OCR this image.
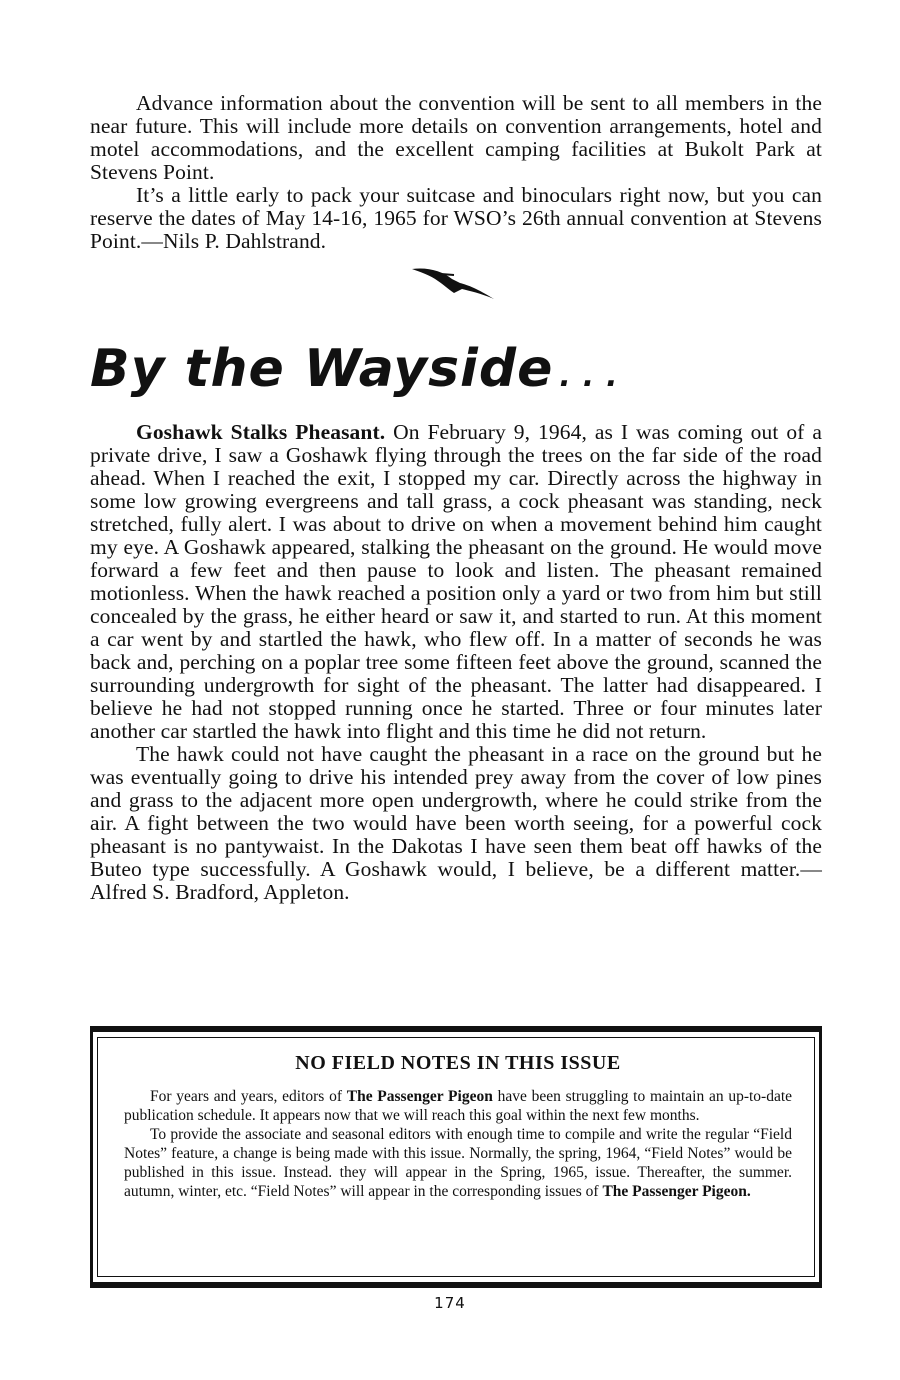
Advance information about the convention will be sent to all members in the near future. This will include more details on convention arrangements, hotel and motel accommodations, and the excellent camping facilities at Bukolt Park at Stevens Point.

It’s a little early to pack your suitcase and binoculars right now, but you can reserve the dates of May 14-16, 1965 for WSO’s 26th annual convention at Stevens Point.—Nils P. Dahlstrand.

By the Wayside ...

Goshawk Stalks Pheasant. On February 9, 1964, as I was coming out of a private drive, I saw a Goshawk flying through the trees on the far side of the road ahead. When I reached the exit, I stopped my car. Directly across the highway in some low growing evergreens and tall grass, a cock pheasant was standing, neck stretched, fully alert. I was about to drive on when a movement behind him caught my eye. A Goshawk appeared, stalking the pheasant on the ground. He would move forward a few feet and then pause to look and listen. The pheasant remained motionless. When the hawk reached a position only a yard or two from him but still concealed by the grass, he either heard or saw it, and started to run. At this moment a car went by and startled the hawk, who flew off. In a matter of seconds he was back and, perching on a poplar tree some fifteen feet above the ground, scanned the surrounding undergrowth for sight of the pheasant. The latter had disappeared. I believe he had not stopped running once he started. Three or four minutes later another car startled the hawk into flight and this time he did not return.

The hawk could not have caught the pheasant in a race on the ground but he was eventually going to drive his intended prey away from the cover of low pines and grass to the adjacent more open undergrowth, where he could strike from the air. A fight between the two would have been worth seeing, for a powerful cock pheasant is no pantywaist. In the Dakotas I have seen them beat off hawks of the Buteo type successfully. A Goshawk would, I believe, be a different matter.—Alfred S. Bradford, Appleton.

NO FIELD NOTES IN THIS ISSUE

For years and years, editors of The Passenger Pigeon have been struggling to maintain an up-to-date publication schedule. It appears now that we will reach this goal within the next few months.

To provide the associate and seasonal editors with enough time to compile and write the regular “Field Notes” feature, a change is being made with this issue. Normally, the spring, 1964, “Field Notes” would be published in this issue. Instead. they will appear in the Spring, 1965, issue. Thereafter, the summer. autumn, winter, etc. “Field Notes” will appear in the corresponding issues of The Passenger Pigeon.

174
